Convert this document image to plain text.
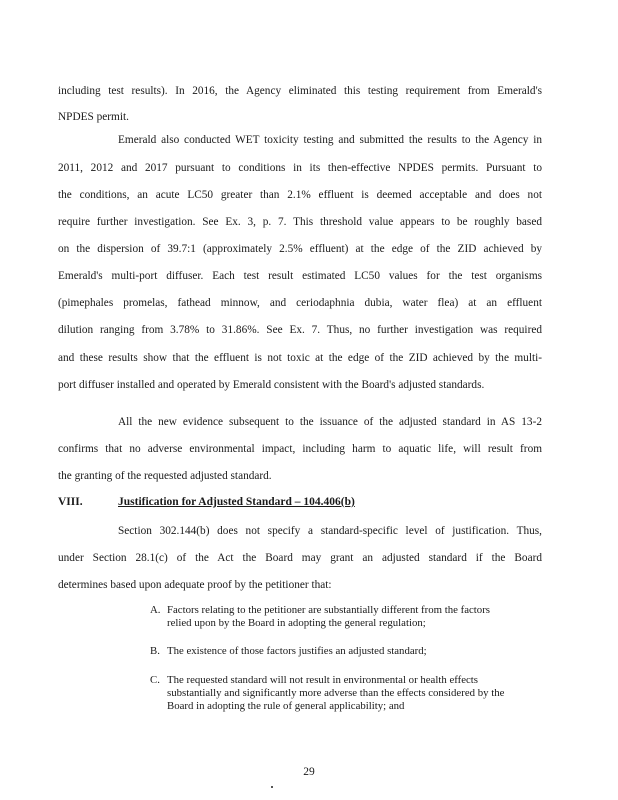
including test results). In 2016, the Agency eliminated this testing requirement from Emerald's
NPDES permit.
Emerald also conducted WET toxicity testing and submitted the results to the Agency in
2011, 2012 and 2017 pursuant to conditions in its then-effective NPDES permits. Pursuant to
the conditions, an acute LC50 greater than 2.1% effluent is deemed acceptable and does not
require further investigation. See Ex. 3, p. 7. This threshold value appears to be roughly based
on the dispersion of 39.7:1 (approximately 2.5% effluent) at the edge of the ZID achieved by
Emerald's multi-port diffuser. Each test result estimated LC50 values for the test organisms
(pimephales promelas, fathead minnow, and ceriodaphnia dubia, water flea) at an effluent
dilution ranging from 3.78% to 31.86%. See Ex. 7. Thus, no further investigation was required
and these results show that the effluent is not toxic at the edge of the ZID achieved by the multi-
port diffuser installed and operated by Emerald consistent with the Board's adjusted standards.
All the new evidence subsequent to the issuance of the adjusted standard in AS 13-2
confirms that no adverse environmental impact, including harm to aquatic life, will result from
the granting of the requested adjusted standard.
VIII.	Justification for Adjusted Standard – 104.406(b)
Section 302.144(b) does not specify a standard-specific level of justification. Thus,
under Section 28.1(c) of the Act the Board may grant an adjusted standard if the Board
determines based upon adequate proof by the petitioner that:
A. Factors relating to the petitioner are substantially different from the factors
relied upon by the Board in adopting the general regulation;
B. The existence of those factors justifies an adjusted standard;
C. The requested standard will not result in environmental or health effects
substantially and significantly more adverse than the effects considered by the
Board in adopting the rule of general applicability; and
29
